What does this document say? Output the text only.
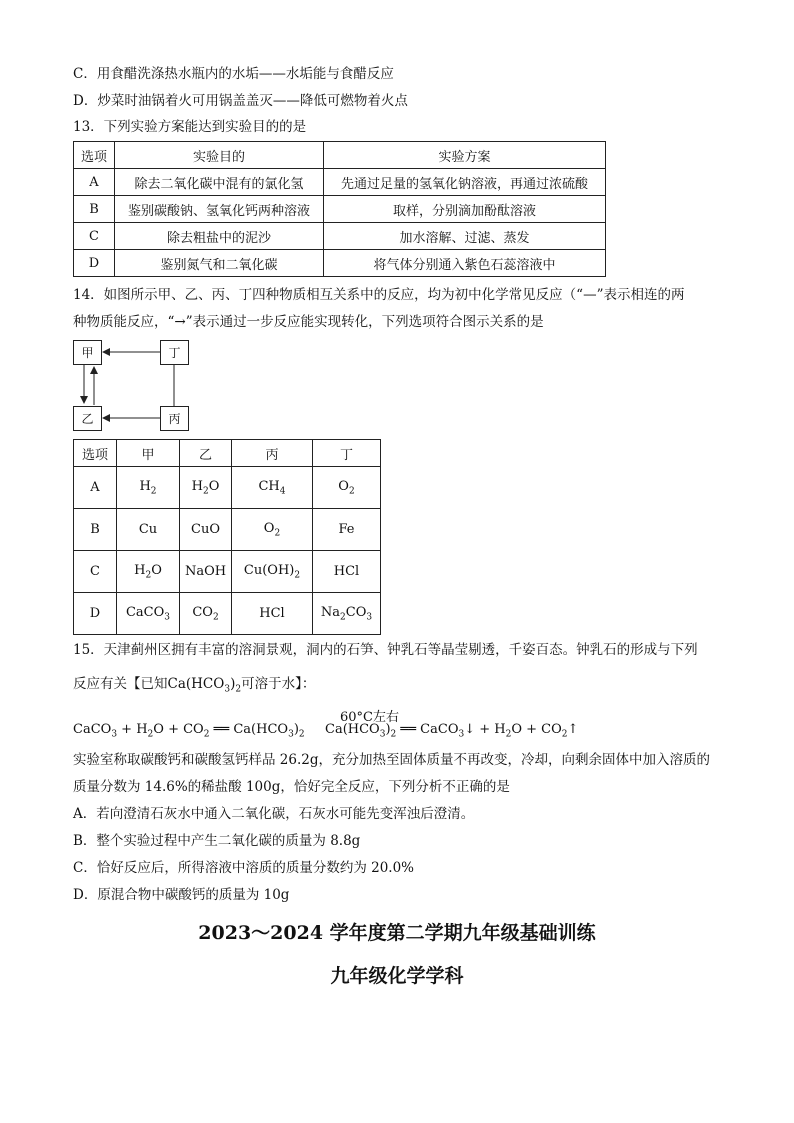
C．用食醋洗涤热水瓶内的水垢——水垢能与食醋反应
D．炒菜时油锅着火可用锅盖盖灭——降低可燃物着火点
13．下列实验方案能达到实验目的的是
选项	实验目的	实验方案
A	除去二氧化碳中混有的氯化氢	先通过足量的氢氧化钠溶液，再通过浓硫酸
B	鉴别碳酸钠、氢氧化钙两种溶液	取样，分别滴加酚酞溶液
C	除去粗盐中的泥沙	加水溶解、过滤、蒸发
D	鉴别氮气和二氧化碳	将气体分别通入紫色石蕊溶液中
14．如图所示甲、乙、丙、丁四种物质相互关系中的反应，均为初中化学常见反应（“—”表示相连的两
种物质能反应，“→”表示通过一步反应能实现转化，下列选项符合图示关系的是
甲	丁
乙	丙
选项	甲	乙	丙	丁
A	$H_2$	$H_2O$	$CH_4$	$O_2$
B	Cu	CuO	$O_2$	Fe
C	$H_2O$	NaOH	$Cu(OH)_2$	HCl
D	CaCO$_3$	$CO_2$	HCl	$Na_2CO_3$
15．天津蓟州区拥有丰富的溶洞景观，洞内的石笋、钟乳石等晶莹剔透，千姿百态。钟乳石的形成与下列
反应有关【已知$Ca(HCO_3)_2$可溶于水】：
CaCO$_3$ + $H_2O + CO_2$ ══ $Ca(HCO_3)_2$
60°C左右
$Ca(HCO_3)_2$ ══ CaCO$_3$↓ + $H_2O$ + $CO_2↑$
实验室称取碳酸钙和碳酸氢钙样品 26.2g，充分加热至固体质量不再改变，冷却，向剩余固体中加入溶质的
质量分数为 14.6%的稀盐酸 100g，恰好完全反应，下列分析不正确的是
A．若向澄清石灰水中通入二氧化碳，石灰水可能先变浑浊后澄清。
B．整个实验过程中产生二氧化碳的质量为 8.8g
C．恰好反应后，所得溶液中溶质的质量分数约为 20.0%
D．原混合物中碳酸钙的质量为 10g
2023～2024 学年度第二学期九年级基础训练
九年级化学学科
